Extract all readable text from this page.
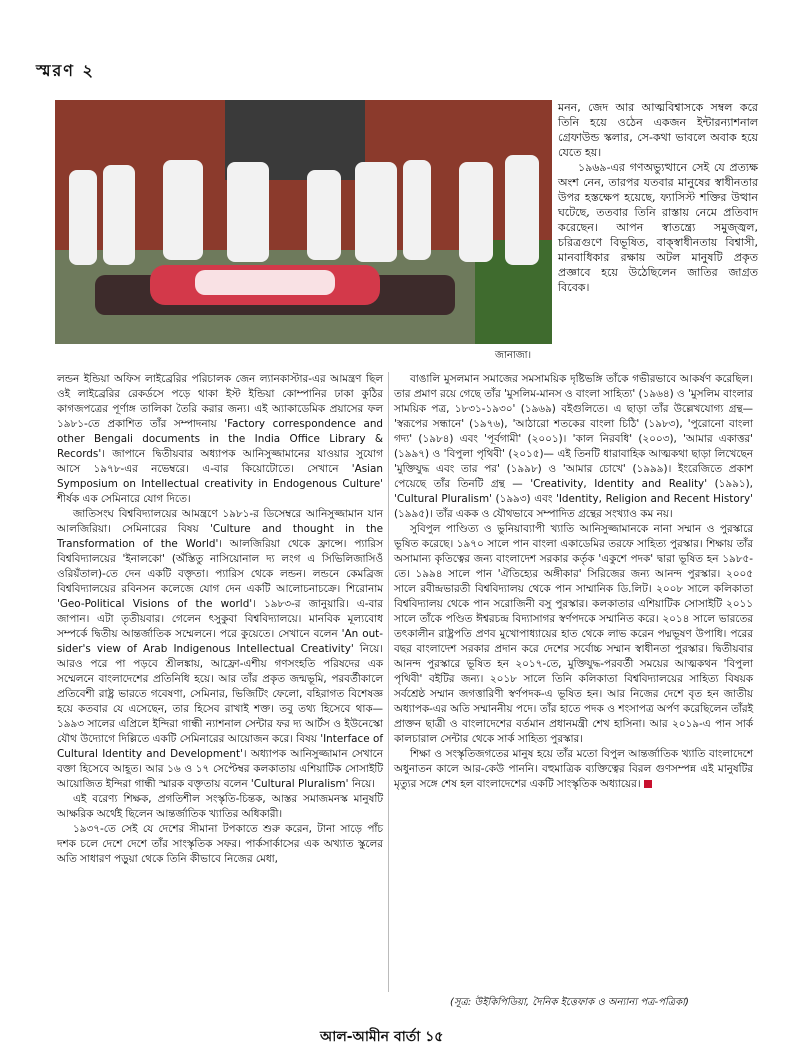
স্মরণ ২
জানাজা।

মনন, জেদ আর আত্মবিশ্বাসকে সম্বল করে তিনি হয়ে ওঠেন একজন ইন্টারন্যাশনাল গ্রেফাউন্ড স্কলার, সে-কথা ভাবলে অবাক হয়ে যেতে হয়।

১৯৬৯-এর গণঅভ্যুত্থানে সেই যে প্রত্যক্ষ অংশ নেন, তারপর যতবার মানুষের স্বাধীনতার উপর হস্তক্ষেপ হয়েছে, ফ্যাসিস্ট শক্তির উত্থান ঘটেছে, ততবার তিনি রাস্তায় নেমে প্রতিবাদ করেছেন। আপন স্বাতন্ত্র্যে সমুজ্জ্বল, চরিত্রগুণে বিভূষিত, বাক্স্বাধীনতায় বিশ্বাসী, মানবাধিকার রক্ষায় অটল মানুষটি প্রকৃত প্রজ্ঞাবে হয়ে উঠেছিলেন জাতির জাগ্রত বিবেক।

লন্ডন ইন্ডিয়া অফিস লাইব্রেরির পরিচালক জেন ল্যানকাস্টার-এর আমন্ত্রণ ছিল ওই লাইব্রেরির রেকর্ডসে পড়ে থাকা ইস্ট ইন্ডিয়া কোম্পানির ঢাকা কুঠির কাগজপত্রের পূর্ণাঙ্গ তালিকা তৈরি করার জন্য। এই অ্যাকাডেমিক প্রয়াসের ফল ১৯৮১-তে প্রকাশিত তাঁর সম্পাদনায় 'Factory correspondence and other Bengali documents in the India Office Library & Records'। জাপানে দ্বিতীয়বার অধ্যাপক আনিসুজ্জামানের যাওয়ার সুযোগ আসে ১৯৭৮-এর নভেম্বরে। এ-বার কিয়োটোতে। সেখানে 'Asian Symposium on Intellectual creativity in Endogenous Culture' শীর্ষক এক সেমিনারে যোগ দিতে।

জাতিসংঘ বিশ্ববিদ্যালয়ের আমন্ত্রণে ১৯৮১-র ডিসেম্বরে আনিসুজ্জামান যান আলজিরিয়া। সেমিনারের বিষয় 'Culture and thought in the Transformation of the World'। আলজিরিয়া থেকে ফ্রান্সে। প্যারিস বিশ্ববিদ্যালয়ের 'ইনালকো' (অঁস্তিতু নাসিয়োনাল দ্য লংগ এ সিভিলিজাসিওঁ ওরিয়ঁতাল)-তে দেন একটি বক্তৃতা। প্যারিস থেকে লন্ডন। লন্ডনে কেমব্রিজ বিশ্ববিদ্যালয়ের রবিনসন কলেজে যোগ দেন একটি আলোচনাচক্রে। শিরোনাম 'Geo-Political Visions of the world'। ১৯৮৩-র জানুয়ারি। এ-বার জাপান। এটা তৃতীয়বার। গেলেন ৎসুকুবা বিশ্ববিদ্যালয়ে। মানবিক মূল্যবোধ সম্পর্কে দ্বিতীয় আন্তর্জাতিক সম্মেলনে। পরে কুয়েতে। সেখানে বলেন 'An out-sider's view of Arab Indigenous Intellectual Creativity' নিয়ে। আরও পরে পা পড়বে শ্রীলঙ্কায়, আফ্রো-এশীয় গণসংহতি পরিষদের এক সম্মেলনে বাংলাদেশের প্রতিনিধি হয়ে। আর তাঁর প্রকৃত জন্মভূমি, পরবর্তীকালে প্রতিবেশী রাষ্ট্র ভারতে গবেষণা, সেমিনার, ভিজিটিং ফেলো, বহিরাগত বিশেষজ্ঞ হয়ে কতবার যে এসেছেন, তার হিসেব রাখাই শক্ত। তবু তথ্য হিসেবে থাক— ১৯৯৩ সালের এপ্রিলে ইন্দিরা গান্ধী ন্যাশনাল সেন্টার ফর দ্য আর্টস ও ইউনেস্কো যৌথ উদ্যোগে দিল্লিতে একটি সেমিনারের আয়োজন করে। বিষয় 'Interface of Cultural Identity and Development'। অধ্যাপক আনিসুজ্জামান সেখানে বক্তা হিসেবে আহূত। আর ১৬ ও ১৭ সেপ্টেম্বর কলকাতায় এশিয়াটিক সোসাইটি আয়োজিত ইন্দিরা গান্ধী স্মারক বক্তৃতায় বলেন 'Cultural Pluralism' নিয়ে।

এই বরেণ্য শিক্ষক, প্রগতিশীল সংস্কৃতি-চিন্তক, আস্তর সমাজমনস্ক মানুষটি আক্ষরিক অর্থেই ছিলেন আন্তর্জাতিক খ্যাতির অধিকারী।

১৯৩৭-তে সেই যে দেশের সীমানা টপকাতে শুরু করেন, টানা সাড়ে পাঁচ দশক চলে দেশে দেশে তাঁর সাংস্কৃতিক সফর। পার্কসার্কাসের এক অখ্যাত স্কুলের অতি সাধারণ পড়ুয়া থেকে তিনি কীভাবে নিজের মেধা,

বাঙালি মুসলমান সমাজের সমসাময়িক দৃষ্টিভঙ্গি তাঁকে গভীরভাবে আকর্ষণ করেছিল। তার প্রমাণ রয়ে গেছে তাঁর 'মুসলিম-মানস ও বাংলা সাহিত্য' (১৯৬৪) ও 'মুসলিম বাংলার সাময়িক পত্র, ১৮৩১-১৯৩০' (১৯৬৯) বইগুলিতে। এ ছাড়া তাঁর উল্লেখযোগ্য গ্রন্থ— 'স্বরূপের সন্ধানে' (১৯৭৬), 'আঠারো শতকের বাংলা চিঠি' (১৯৮৩), 'পুরোনো বাংলা গদ্য' (১৯৮৪) এবং 'পূর্বগামী' (২০০১)। 'কাল নিরবধি' (২০০৩), 'আমার একাত্তর' (১৯৯৭) ও 'বিপুলা পৃথিবী' (২০১৫)— এই তিনটি ধারাবাহিক আত্মকথা ছাড়া লিখেছেন 'মুক্তিযুদ্ধ এবং তার পর' (১৯৯৮) ও 'আমার চোখে' (১৯৯৯)। ইংরেজিতে প্রকাশ পেয়েছে তাঁর তিনটি গ্রন্থ — 'Creativity, Identity and Reality' (১৯৯১), 'Cultural Pluralism' (১৯৯৩) এবং 'Identity, Religion and Recent History' (১৯৯৫)। তাঁর একক ও যৌথভাবে সম্পাদিত গ্রন্থের সংখ্যাও কম নয়।

সুবিপুল পাণ্ডিত্য ও ভুনিয়াব্যাপী খ্যাতি আনিসুজ্জামানকে নানা সম্মান ও পুরস্কারে ভূষিত করেছে। ১৯৭০ সালে পান বাংলা একাডেমির তরফে সাহিত্য পুরস্কার। শিক্ষায় তাঁর অসামান্য কৃতিত্বের জন্য বাংলাদেশ সরকার কর্তৃক 'একুশে পদক' দ্বারা ভূষিত হন ১৯৮৫-তে। ১৯৯৪ সালে পান 'ঐতিহ্যের অঙ্গীকার' সিরিজের জন্য আনন্দ পুরস্কার। ২০০৫ সালে রবীন্দ্রভারতী বিশ্ববিদ্যালয় থেকে পান সাম্মানিক ডি.লিট। ২০০৮ সালে কলিকাতা বিশ্ববিদ্যালয় থেকে পান সরোজিনী বসু পুরস্কার। কলকাতার এশিয়াটিক সোসাইটি ২০১১ সালে তাঁকে পণ্ডিত ঈশ্বরচন্দ্র বিদ্যাসাগর স্বর্ণপদকে সম্মানিত করে। ২০১৪ সালে ভারতের তৎকালীন রাষ্ট্রপতি প্রণব মুখোপাধ্যায়ের হাত থেকে লাভ করেন পদ্মভূষণ উপাধি। পরের বছর বাংলাদেশ সরকার প্রদান করে দেশের সর্বোচ্চ সম্মান স্বাধীনতা পুরস্কার। দ্বিতীয়বার আনন্দ পুরস্কারে ভূষিত হন ২০১৭-তে, মুক্তিযুদ্ধ-পরবর্তী সময়ের আত্মকথন 'বিপুলা পৃথিবী' বইটির জন্য। ২০১৮ সালে তিনি কলিকাতা বিশ্ববিদ্যালয়ের সাহিত্য বিষয়ক সর্বশ্রেষ্ঠ সম্মান জগত্তারিণী স্বর্ণপদক-এ ভূষিত হন। আর নিজের দেশে বৃত হন জাতীয় অধ্যাপক-এর অতি সম্মাননীয় পদে। তাঁর হাতে পদক ও শংসাপত্র অর্পণ করেছিলেন তাঁরই প্রাক্তন ছাত্রী ও বাংলাদেশের বর্তমান প্রধানমন্ত্রী শেখ হাসিনা। আর ২০১৯-এ পান সার্ক কালচারাল সেন্টার থেকে সার্ক সাহিত্য পুরস্কার।

শিক্ষা ও সংস্কৃতিজগতের মানুষ হয়ে তাঁর মতো বিপুল আন্তর্জাতিক খ্যাতি বাংলাদেশে অধুনাতন কালে আর-কেউ পাননি। বহুমাত্রিক ব্যক্তিত্বের বিরল গুণসম্পন্ন এই মানুষটির মৃত্যুর সঙ্গে শেষ হল বাংলাদেশের একটি সাংস্কৃতিক অধ্যায়ের।

(সূত্র: উইকিপিডিয়া, দৈনিক ইত্তেফাক ও অন্যান্য পত্র-পত্রিকা)
আল-আমীন বার্তা ১৫
